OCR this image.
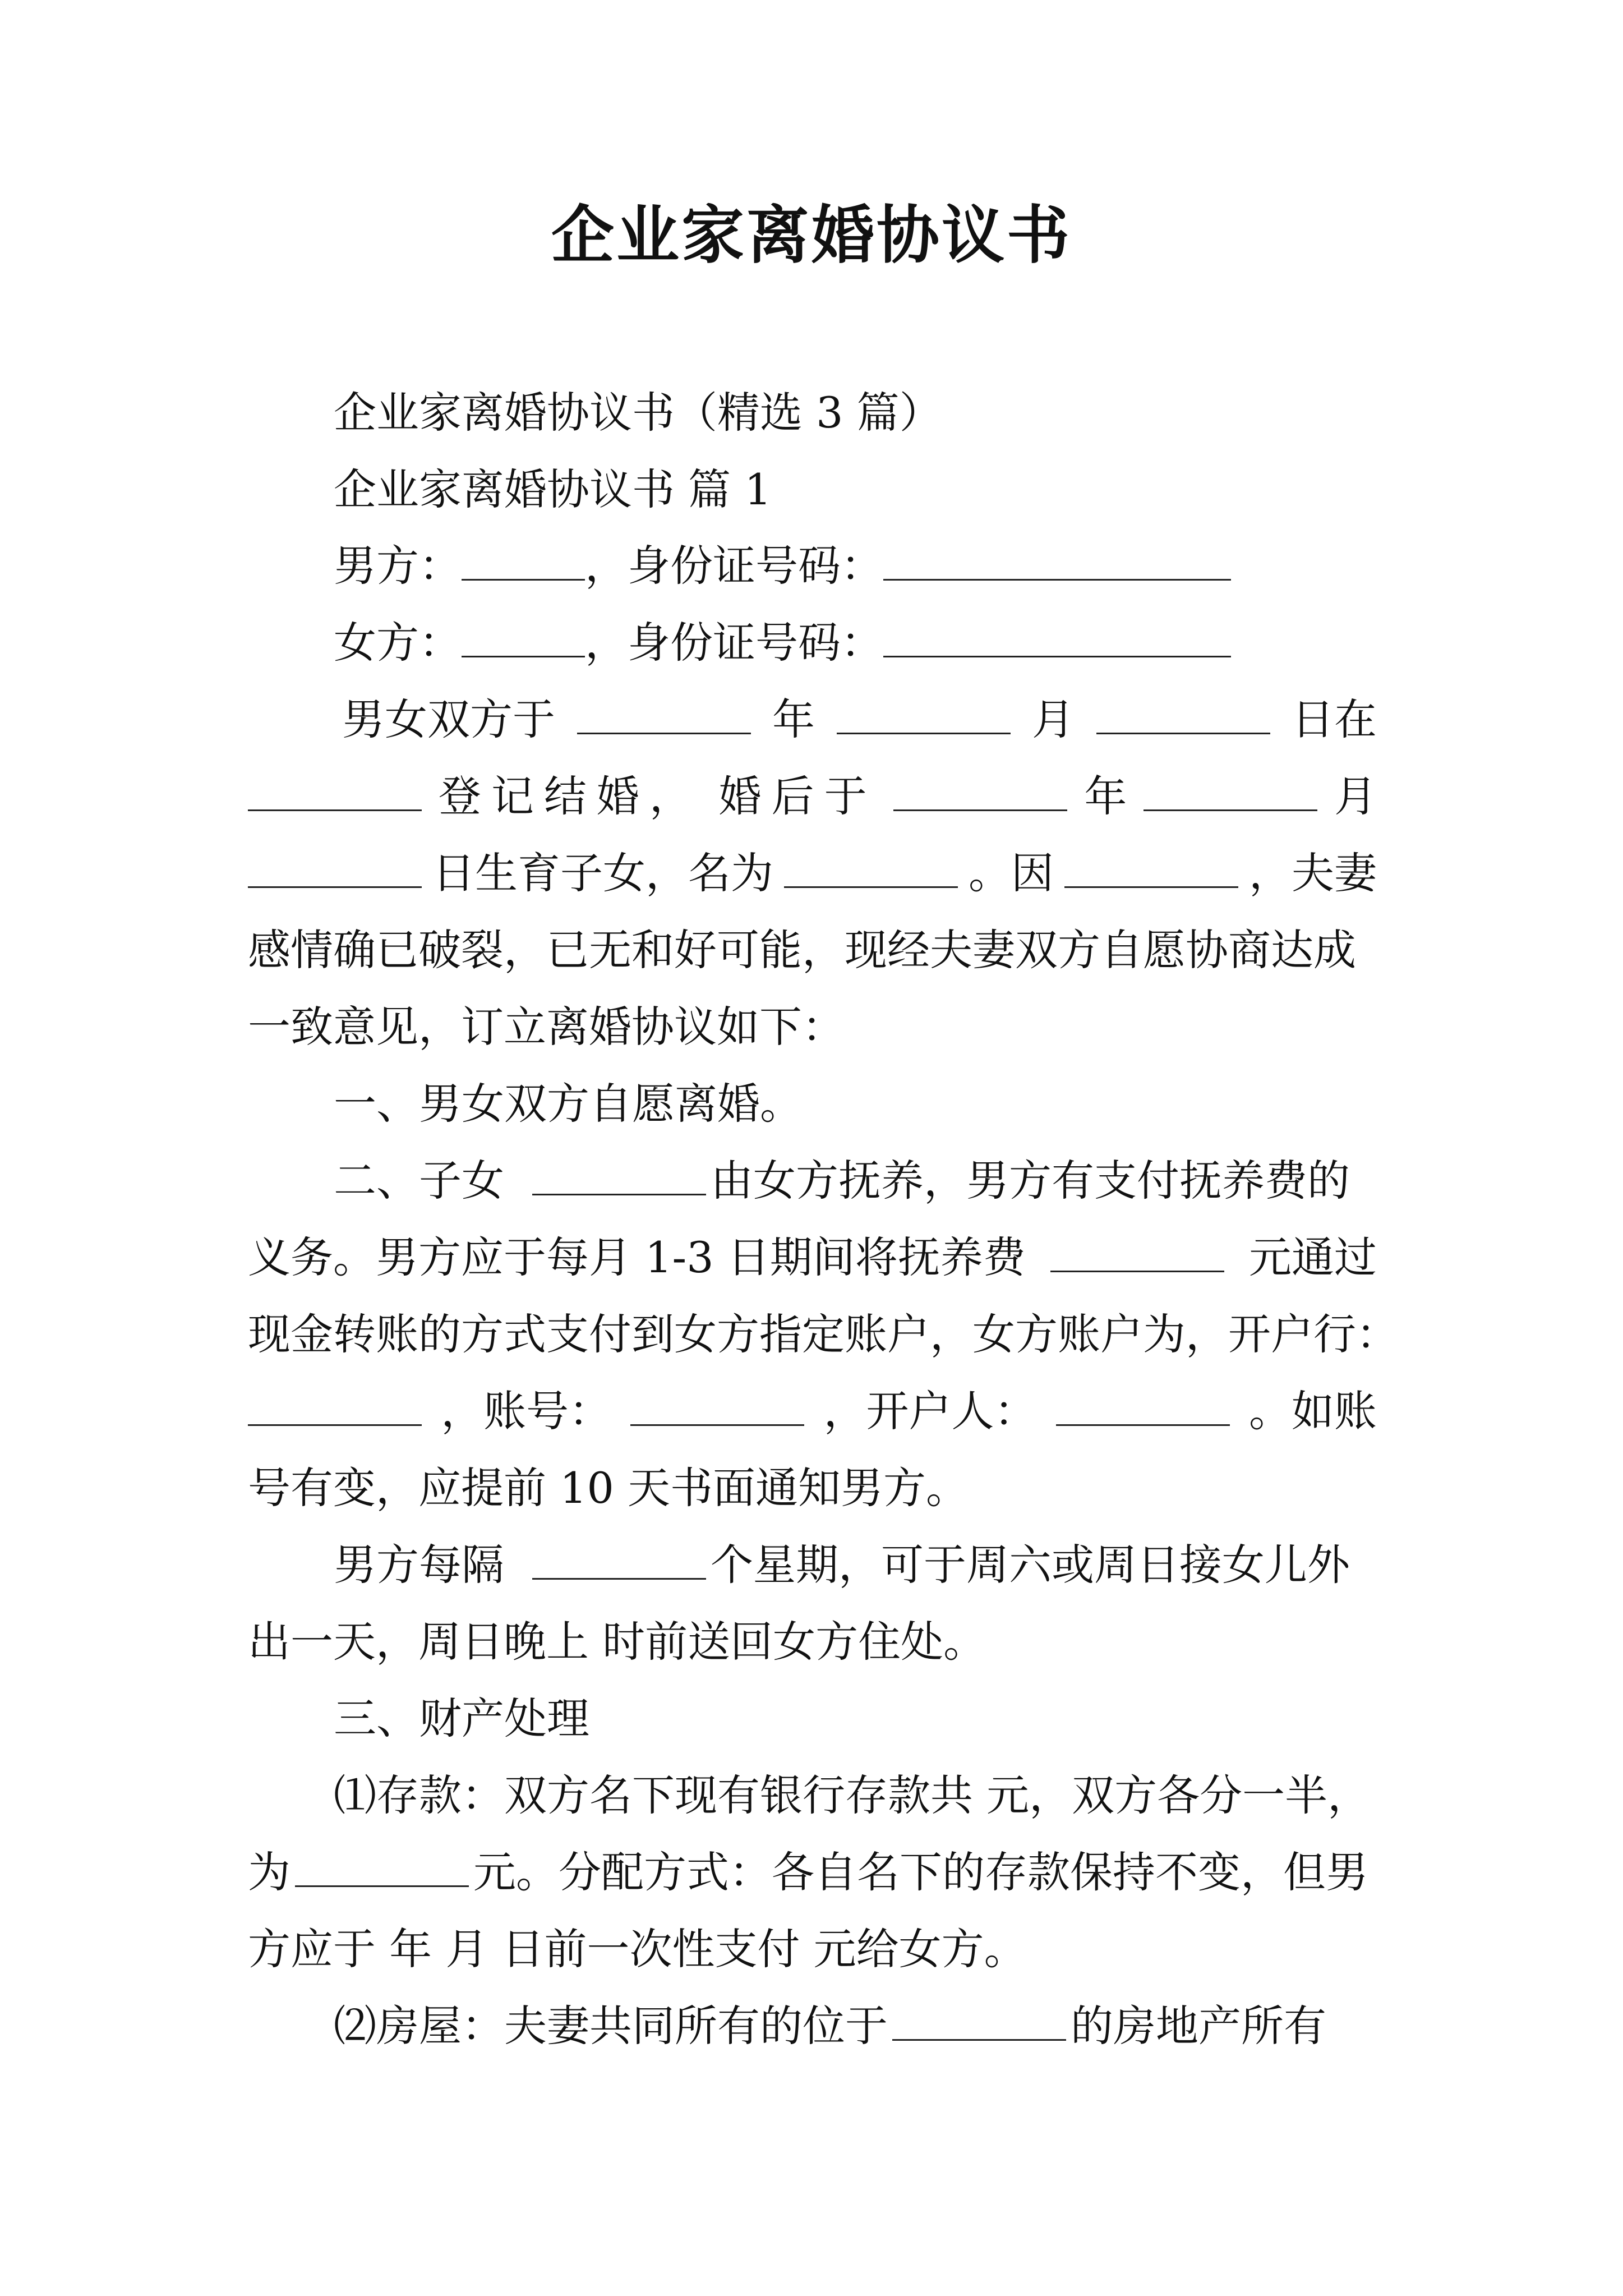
企业家离婚协议书
企业家离婚协议书（精选 3 篇）
企业家离婚协议书 篇 1
男方：	，身份证号码：
女方：	，身份证号码：
男女双方于	年	月	日在
登记结婚， 婚后于	年	月
日生育子女，名为	。因	，夫妻
感情确已破裂，已无和好可能，现经夫妻双方自愿协商达成
一致意见，订立离婚协议如下：
一、男女双方自愿离婚。
二、子女	由女方抚养，男方有支付抚养费的
义务。男方应于每月 1-3 日期间将抚养费	元通过
现金转账的方式支付到女方指定账户，女方账户为，开户行：
，账号：	，开户人：	。如账
号有变，应提前 10 天书面通知男方。
男方每隔	个星期，可于周六或周日接女儿外
出一天，周日晚上 时前送回女方住处。
三、财产处理
⑴存款：双方名下现有银行存款共 元，双方各分一半，
为	元。分配方式：各自名下的存款保持不变，但男
方应于 年 月 日前一次性支付 元给女方。
⑵房屋：夫妻共同所有的位于	的房地产所有
